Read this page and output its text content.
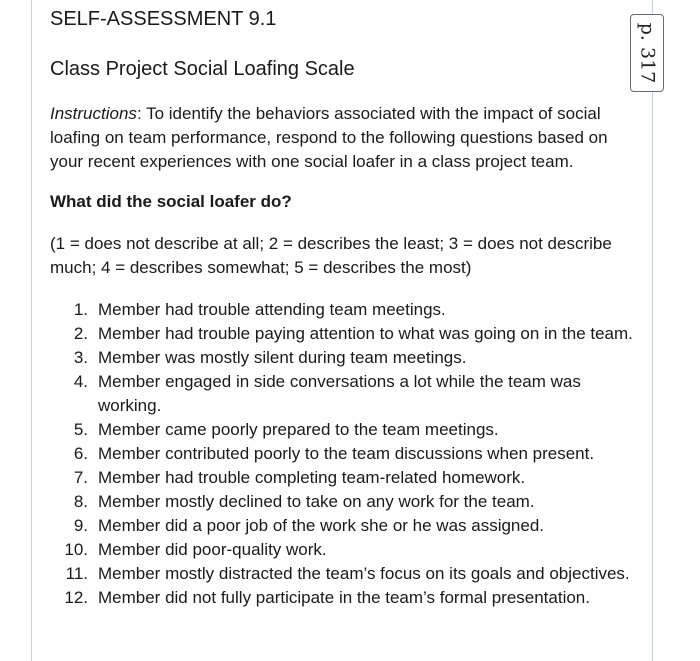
p. 317
SELF-ASSESSMENT 9.1
Class Project Social Loafing Scale

Instructions: To identify the behaviors associated with the impact of social loafing on team performance, respond to the following questions based on your recent experiences with one social loafer in a class project team.

What did the social loafer do?

(1 = does not describe at all; 2 = describes the least; 3 = does not describe much; 4 = describes somewhat; 5 = describes the most)

1. Member had trouble attending team meetings.
2. Member had trouble paying attention to what was going on in the team.
3. Member was mostly silent during team meetings.
4. Member engaged in side conversations a lot while the team was working.
5. Member came poorly prepared to the team meetings.
6. Member contributed poorly to the team discussions when present.
7. Member had trouble completing team-related homework.
8. Member mostly declined to take on any work for the team.
9. Member did a poor job of the work she or he was assigned.
10. Member did poor-quality work.
11. Member mostly distracted the team’s focus on its goals and objectives.
12. Member did not fully participate in the team’s formal presentation.
